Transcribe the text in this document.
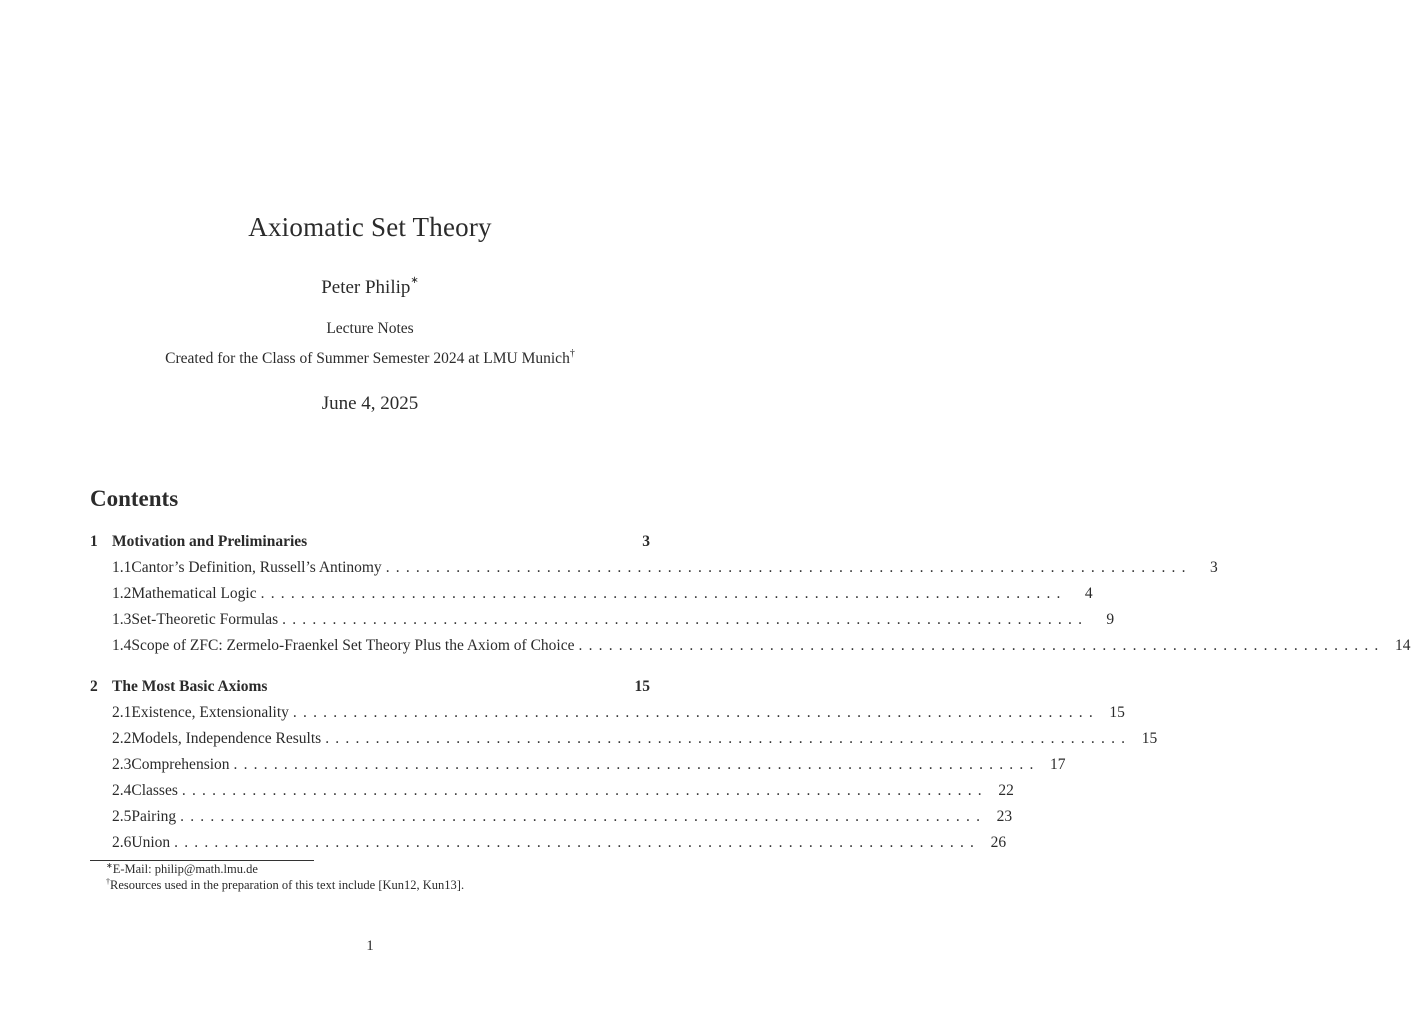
Axiomatic Set Theory
Peter Philip∗
Lecture Notes
Created for the Class of Summer Semester 2024 at LMU Munich†
June 4, 2025
Contents
1 Motivation and Preliminaries	3
1.1 Cantor’s Definition, Russell’s Antinomy ................................................................................	3
1.2 Mathematical Logic ................................................................................	4
1.3 Set-Theoretic Formulas ................................................................................	9
1.4 Scope of ZFC: Zermelo-Fraenkel Set Theory Plus the Axiom of Choice ................................................................................ 14
2 The Most Basic Axioms	15
2.1 Existence, Extensionality ................................................................................ 15
2.2 Models, Independence Results ................................................................................ 15
2.3 Comprehension ................................................................................ 17
2.4 Classes ................................................................................ 22
2.5 Pairing ................................................................................ 23
2.6 Union ................................................................................ 26
∗E-Mail: philip@math.lmu.de
†Resources used in the preparation of this text include [Kun12, Kun13].
1
